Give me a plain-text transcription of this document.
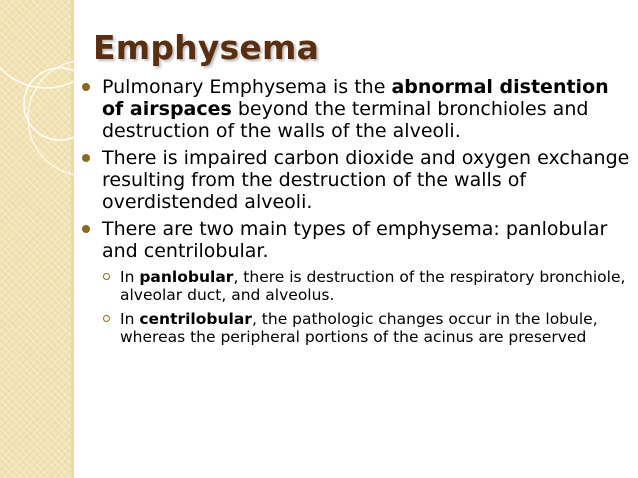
Emphysema
Pulmonary Emphysema is the abnormal distention of airspaces beyond the terminal bronchioles and destruction of the walls of the alveoli.
There is impaired carbon dioxide and oxygen exchange resulting from the destruction of the walls of overdistended alveoli.
There are two main types of emphysema: panlobular and centrilobular.
In panlobular, there is destruction of the respiratory bronchiole, alveolar duct, and alveolus.
In centrilobular, the pathologic changes occur in the lobule, whereas the peripheral portions of the acinus are preserved
